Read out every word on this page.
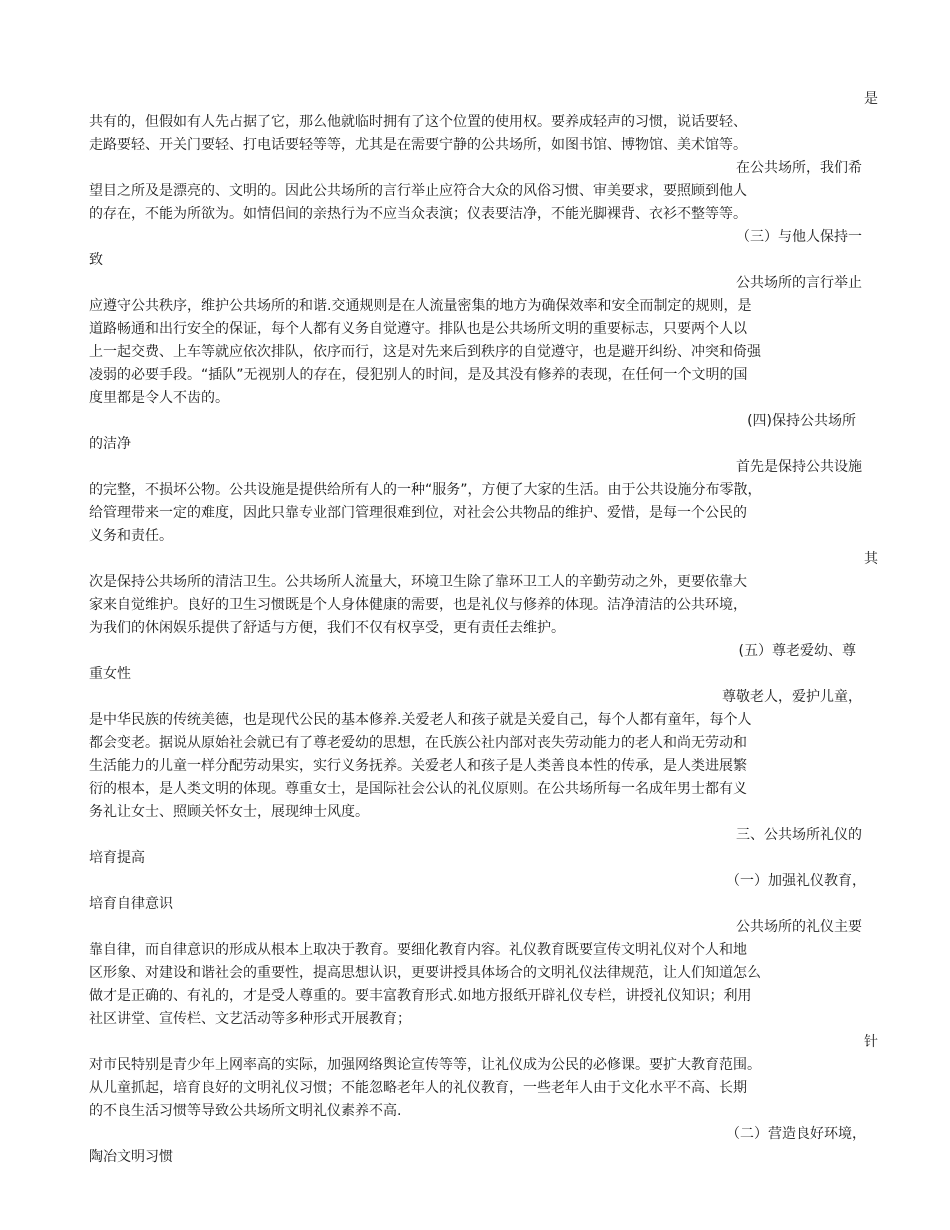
是

共有的，但假如有人先占据了它，那么他就临时拥有了这个位置的使用权。要养成轻声的习惯，说话要轻、

走路要轻、开关门要轻、打电话要轻等等，尤其是在需要宁静的公共场所，如图书馆、博物馆、美术馆等。

在公共场所，我们希

望目之所及是漂亮的、文明的。因此公共场所的言行举止应符合大众的风俗习惯、审美要求，要照顾到他人

的存在，不能为所欲为。如情侣间的亲热行为不应当众表演；仪表要洁净，不能光脚裸背、衣衫不整等等。

（三）与他人保持一

致

公共场所的言行举止

应遵守公共秩序，维护公共场所的和谐.交通规则是在人流量密集的地方为确保效率和安全而制定的规则，是

道路畅通和出行安全的保证，每个人都有义务自觉遵守。排队也是公共场所文明的重要标志，只要两个人以

上一起交费、上车等就应依次排队，依序而行，这是对先来后到秩序的自觉遵守，也是避开纠纷、冲突和倚强

凌弱的必要手段。“插队”无视别人的存在，侵犯别人的时间，是及其没有修养的表现，在任何一个文明的国

度里都是令人不齿的。

(四)保持公共场所

的洁净

首先是保持公共设施

的完整，不损坏公物。公共设施是提供给所有人的一种“服务”，方便了大家的生活。由于公共设施分布零散，

给管理带来一定的难度，因此只靠专业部门管理很难到位，对社会公共物品的维护、爱惜，是每一个公民的

义务和责任。

其

次是保持公共场所的清洁卫生。公共场所人流量大，环境卫生除了靠环卫工人的辛勤劳动之外，更要依靠大

家来自觉维护。良好的卫生习惯既是个人身体健康的需要，也是礼仪与修养的体现。洁净清洁的公共环境，

为我们的休闲娱乐提供了舒适与方便，我们不仅有权享受，更有责任去维护。

(五）尊老爱幼、尊

重女性

尊敬老人，爱护儿童，

是中华民族的传统美德，也是现代公民的基本修养.关爱老人和孩子就是关爱自己，每个人都有童年，每个人

都会变老。据说从原始社会就已有了尊老爱幼的思想，在氏族公社内部对丧失劳动能力的老人和尚无劳动和

生活能力的儿童一样分配劳动果实，实行义务抚养。关爱老人和孩子是人类善良本性的传承，是人类进展繁

衍的根本，是人类文明的体现。尊重女士，是国际社会公认的礼仪原则。在公共场所每一名成年男士都有义

务礼让女士、照顾关怀女士，展现绅士风度。

三、公共场所礼仪的

培育提高

（一）加强礼仪教育，

培育自律意识

公共场所的礼仪主要

靠自律，而自律意识的形成从根本上取决于教育。要细化教育内容。礼仪教育既要宣传文明礼仪对个人和地

区形象、对建设和谐社会的重要性，提高思想认识，更要讲授具体场合的文明礼仪法律规范，让人们知道怎么

做才是正确的、有礼的，才是受人尊重的。要丰富教育形式.如地方报纸开辟礼仪专栏，讲授礼仪知识；利用

社区讲堂、宣传栏、文艺活动等多种形式开展教育；

针

对市民特别是青少年上网率高的实际，加强网络舆论宣传等等，让礼仪成为公民的必修课。要扩大教育范围。

从儿童抓起，培育良好的文明礼仪习惯；不能忽略老年人的礼仪教育，一些老年人由于文化水平不高、长期

的不良生活习惯等导致公共场所文明礼仪素养不高.

（二）营造良好环境，

陶冶文明习惯
